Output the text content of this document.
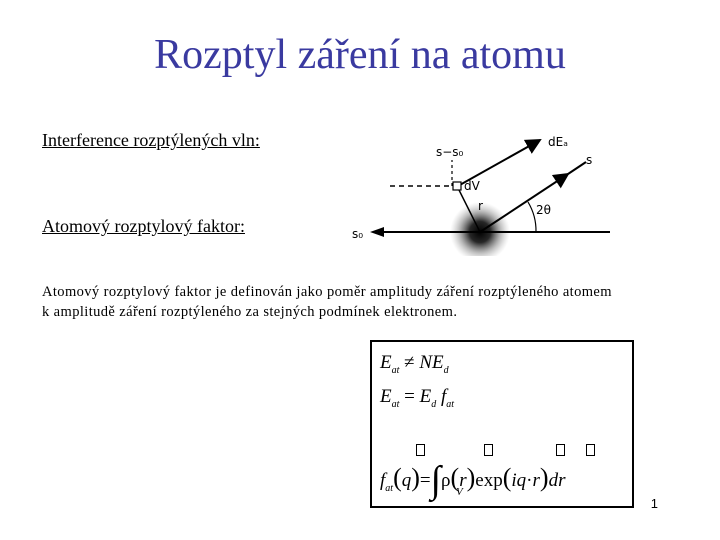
Rozptyl záření na atomu
Interference rozptýlených vln:
Atomový rozptylový faktor:
s−s₀
dEₐ
s
dV
r	2θ
s₀
Atomový rozptylový faktor je definován jako poměr amplitudy záření rozptýleného atomem
k amplitudě záření rozptýleného za stejných podmínek elektronem.
$E_{at} \ne NE_d$
$E_{at} = E_d$ $f_{at}$
$f_{at}(q)=\int\rho(r)\exp(iq\cdot r)dr$
V
1
